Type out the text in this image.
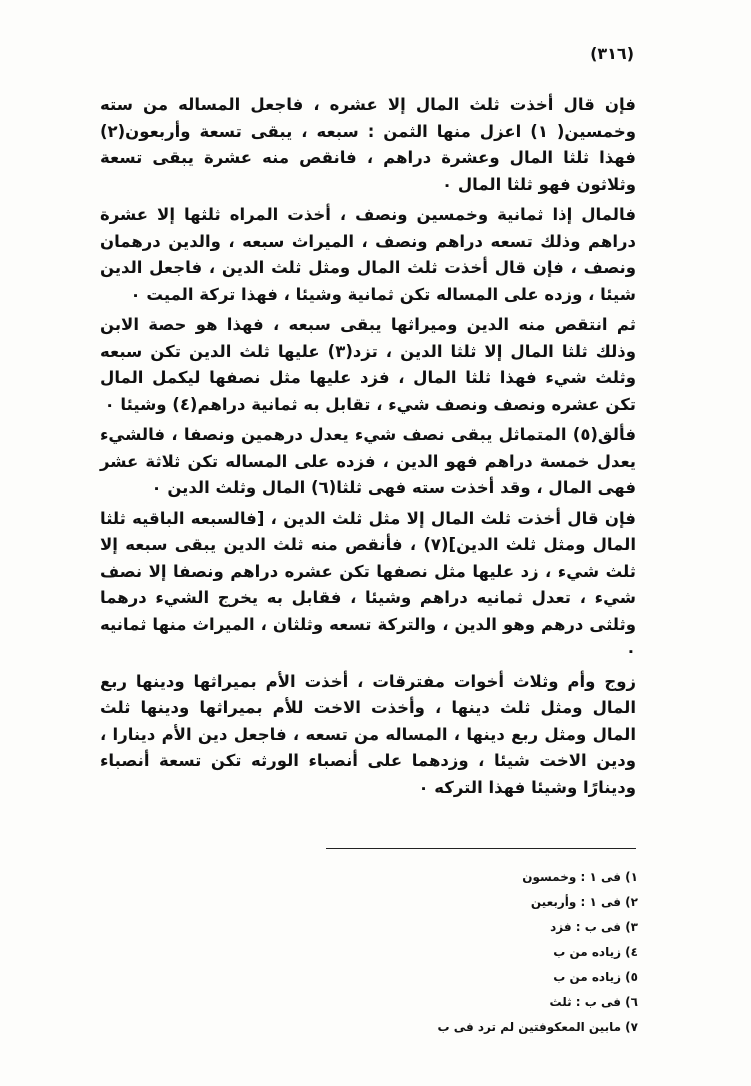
(٣١٦)

فإن قال أخذت ثلث المال إلا عشره ، فاجعل المساله من سته وخمسين( ١) اعزل منها الثمن : سبعه ، يبقى تسعة وأربعون(٢) فهذا ثلثا المال وعشرة دراهم ، فانقص منه عشرة يبقى تسعة وثلاثون فهو ثلثا المال ٠

فالمال إذا ثمانية وخمسين ونصف ، أخذت المراه ثلثها إلا عشرة دراهم وذلك تسعه دراهم ونصف ، الميراث سبعه ، والدين درهمان ونصف ، فإن قال أخذت ثلث المال ومثل ثلث الدين ، فاجعل الدين شيئا ، وزده على المساله تكن ثمانية وشيئا ، فهذا تركة الميت ٠

ثم انتقص منه الدين وميراثها يبقى سبعه ، فهذا هو حصة الابن وذلك ثلثا المال إلا ثلثا الدين ، تزد(٣) عليها ثلث الدين تكن سبعه وثلث شيء فهذا ثلثا المال ، فزد عليها مثل نصفها ليكمل المال تكن عشره ونصف ونصف شيء ، تقابل به ثمانية دراهم(٤) وشيئا ٠

فألق(٥) المتماثل يبقى نصف شيء يعدل درهمين ونصفا ، فالشيء يعدل خمسة دراهم فهو الدين ، فزده على المساله تكن ثلاثة عشر فهى المال ، وقد أخذت سته فهى ثلثا(٦) المال وثلث الدين ٠

فإن قال أخذت ثلث المال إلا مثل ثلث الدين ، [فالسبعه الباقيه ثلثا المال ومثل ثلث الدين](٧) ، فأنقص منه ثلث الدين يبقى سبعه إلا ثلث شيء ، زد عليها مثل نصفها تكن عشره دراهم ونصفا إلا نصف شيء ، تعدل ثمانيه دراهم وشيئا ، فقابل به يخرج الشيء درهما وثلثى درهم وهو الدين ، والتركة تسعه وثلثان ، الميراث منها ثمانيه ٠

زوج وأم وثلاث أخوات مفترقات ، أخذت الأم بميراثها ودينها ربع المال ومثل ثلث دينها ، وأخذت الاخت للأم بميراثها ودينها ثلث المال ومثل ربع دينها ، المساله من تسعه ، فاجعل دين الأم دينارا ، ودين الاخت شيئا ، وزدهما على أنصباء الورثه تكن تسعة أنصباء ودينارًا وشيئا فهذا التركه ٠

١) فى ١ : وخمسون
٢) فى ١ : وأربعين
٣) فى ب : فزد
٤) زياده من ب
٥) زياده من ب
٦) فى ب : ثلث
٧) مابين المعكوفتين لم ترد فى ب
